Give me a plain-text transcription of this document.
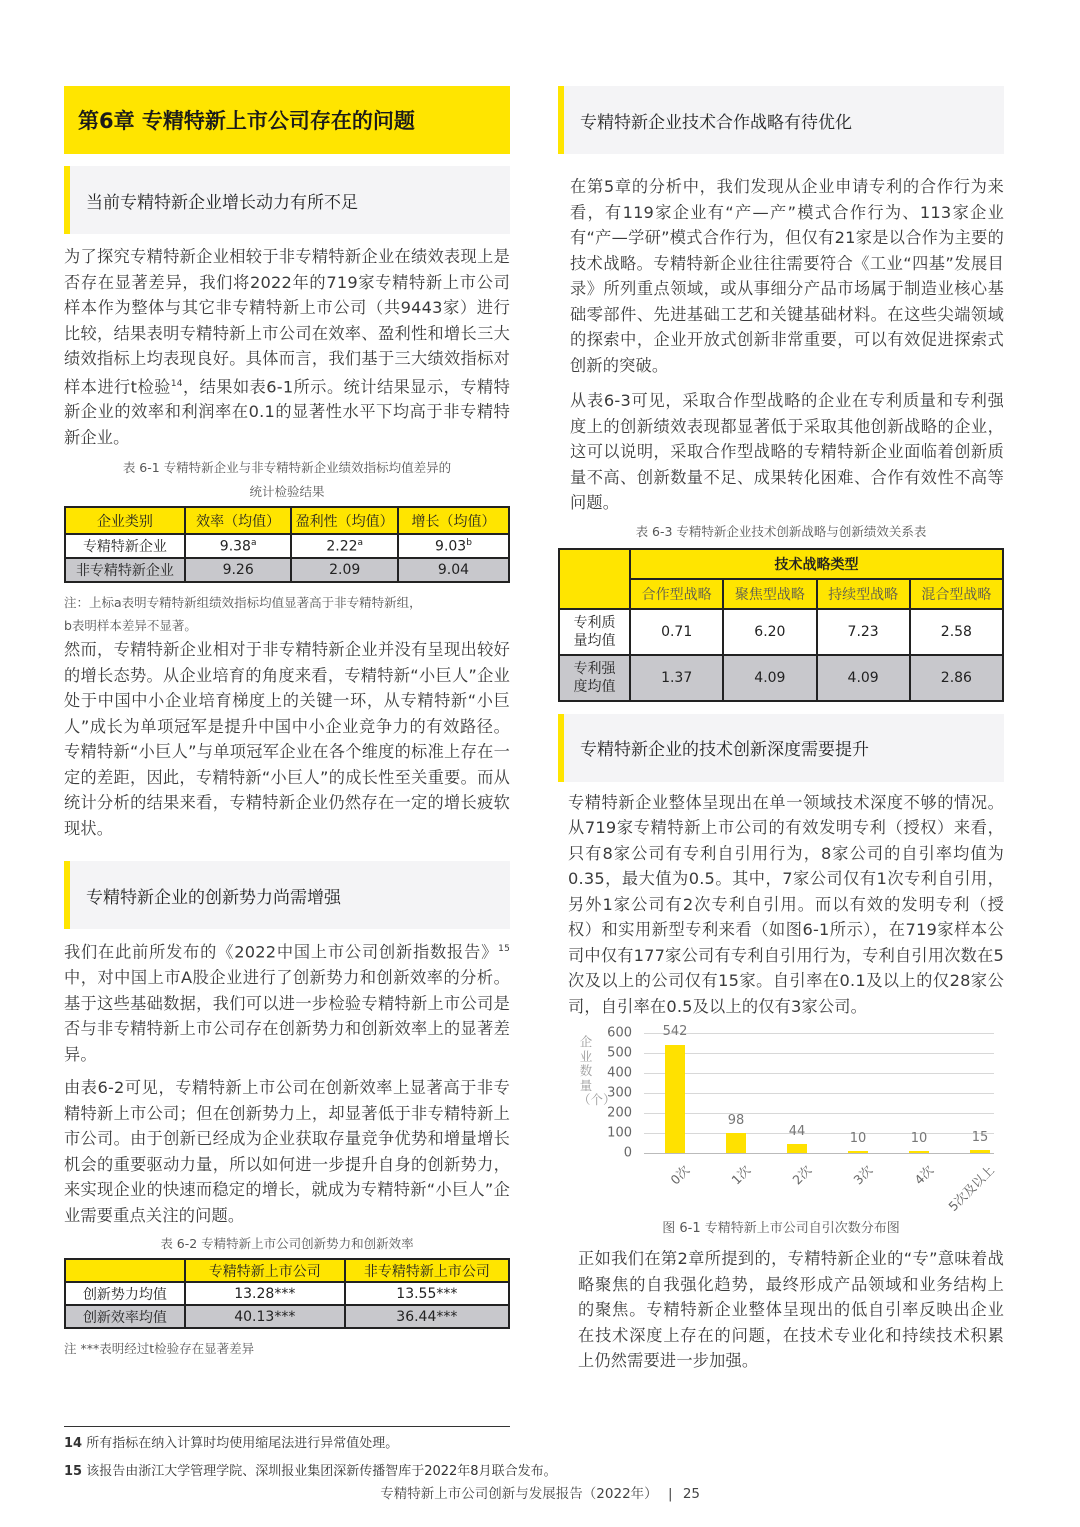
第6章 专精特新上市公司存在的问题
当前专精特新企业增长动力有所不足

为了探究专精特新企业相较于非专精特新企业在绩效表现上是否存在显著差异，我们将2022年的719家专精特新上市公司样本作为整体与其它非专精特新上市公司（共9443家）进行比较，结果表明专精特新上市公司在效率、盈利性和增长三大绩效指标上均表现良好。具体而言，我们基于三大绩效指标对样本进行t检验$^{14}$，结果如表6-1所示。统计结果显示，专精特新企业的效率和利润率在0.1的显著性水平下均高于非专精特新企业。

表 6-1 专精特新企业与非专精特新企业绩效指标均值差异的
统计检验结果
企业类别	效率（均值）	盈利性（均值）	增长（均值）
专精特新企业	9.38$^a$	2.22$^a$	9.03$^b$
非专精特新企业	9.26	2.09	9.04
注：上标a表明专精特新组绩效指标均值显著高于非专精特新组，
b表明样本差异不显著。

然而，专精特新企业相对于非专精特新企业并没有呈现出较好的增长态势。从企业培育的角度来看，专精特新“小巨人”企业处于中国中小企业培育梯度上的关键一环，从专精特新“小巨人”成长为单项冠军是提升中国中小企业竞争力的有效路径。专精特新“小巨人”与单项冠军企业在各个维度的标准上存在一定的差距，因此，专精特新“小巨人”的成长性至关重要。而从统计分析的结果来看，专精特新企业仍然存在一定的增长疲软现状。

专精特新企业的创新势力尚需增强

我们在此前所发布的《2022中国上市公司创新指数报告》$^{15}$ 中，对中国上市A股企业进行了创新势力和创新效率的分析。基于这些基础数据，我们可以进一步检验专精特新上市公司是否与非专精特新上市公司存在创新势力和创新效率上的显著差异。

由表6-2可见，专精特新上市公司在创新效率上显著高于非专精特新上市公司；但在创新势力上，却显著低于非专精特新上市公司。由于创新已经成为企业获取存量竞争优势和增量增长机会的重要驱动力量，所以如何进一步提升自身的创新势力，来实现企业的快速而稳定的增长，就成为专精特新“小巨人”企业需要重点关注的问题。

表 6-2 专精特新上市公司创新势力和创新效率
	专精特新上市公司	非专精特新上市公司
创新势力均值	13.28***	13.55***
创新效率均值	40.13***	36.44***
注 ***表明经过t检验存在显著差异
专精特新企业技术合作战略有待优化

在第5章的分析中，我们发现从企业申请专利的合作行为来看，有119家企业有“产—产”模式合作行为、113家企业有“产—学研”模式合作行为，但仅有21家是以合作为主要的技术战略。专精特新企业往往需要符合《工业“四基”发展目录》所列重点领域，或从事细分产品市场属于制造业核心基础零部件、先进基础工艺和关键基础材料。在这些尖端领域的探索中，企业开放式创新非常重要，可以有效促进探索式创新的突破。

从表6-3可见，采取合作型战略的企业在专利质量和专利强度上的创新绩效表现都显著低于采取其他创新战略的企业，这可以说明，采取合作型战略的专精特新企业面临着创新质量不高、创新数量不足、成果转化困难、合作有效性不高等问题。

表 6-3 专精特新企业技术创新战略与创新绩效关系表
	技术战略类型			
	合作型战略	聚焦型战略	持续型战略	混合型战略

专利质
量均值	0.71	6.20	7.23	2.58

专利强
度均值	1.37	4.09	4.09	2.86
专精特新企业的技术创新深度需要提升

专精特新企业整体呈现出在单一领域技术深度不够的情况。从719家专精特新上市公司的有效发明专利（授权）来看，只有8家公司有专利自引用行为，8家公司的自引率均值为0.35，最大值为0.5。其中，7家公司仅有1次专利自引用，另外1家公司有2次专利自引用。而以有效的发明专利（授权）和实用新型专利来看（如图6-1所示），在719家样本公司中仅有177家公司有专利自引用行为，专利自引用次数在5次及以上的公司仅有15家。自引率在0.1及以上的仅28家公司，自引率在0.5及以上的仅有3家公司。

企业数量（个）
600
500
400
300
200
100
0
542
98
44	10	10	15
0次	1次	2次	3次	4次 5次及以上
图 6-1 专精特新上市公司自引次数分布图

正如我们在第2章所提到的，专精特新企业的“专”意味着战略聚焦的自我强化趋势，最终形成产品领域和业务结构上的聚焦。专精特新企业整体呈现出的低自引率反映出企业在技术深度上存在的问题，在技术专业化和持续技术积累上仍然需要进一步加强。

14 所有指标在纳入计算时均使用缩尾法进行异常值处理。
15 该报告由浙江大学管理学院、深圳报业集团深新传播智库于2022年8月联合发布。
专精特新上市公司创新与发展报告（2022年） | 25
